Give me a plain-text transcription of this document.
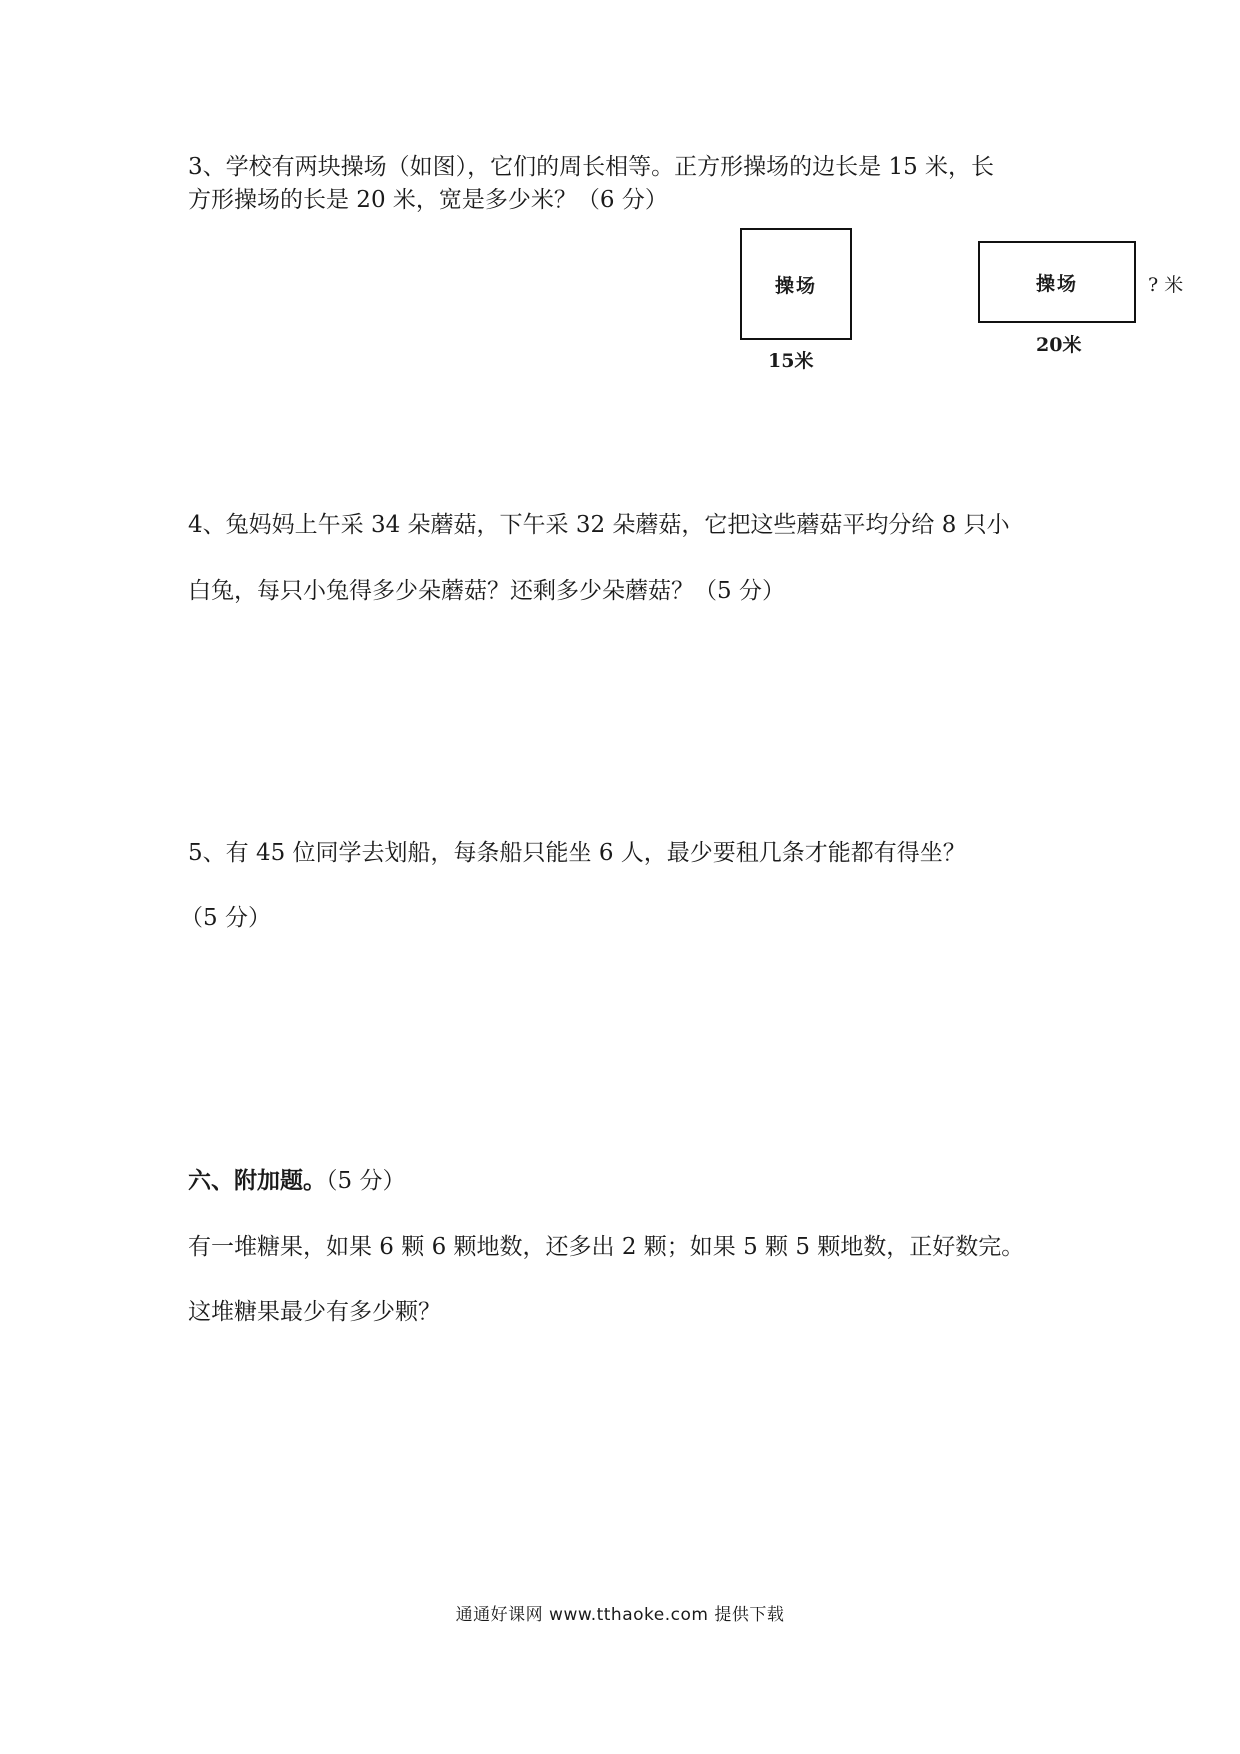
3、学校有两块操场（如图），它们的周长相等。正方形操场的边长是 15 米，长
方形操场的长是 20 米，宽是多少米？（6 分）
操场
15米
操场
20米
? 米
4、兔妈妈上午采 34 朵蘑菇，下午采 32 朵蘑菇，它把这些蘑菇平均分给 8 只小
白兔，每只小兔得多少朵蘑菇？还剩多少朵蘑菇？（5 分）
5、有 45 位同学去划船，每条船只能坐 6 人，最少要租几条才能都有得坐？
（5 分）
六、附加题。（5 分）
有一堆糖果，如果 6 颗 6 颗地数，还多出 2 颗；如果 5 颗 5 颗地数，正好数完。
这堆糖果最少有多少颗？
通通好课网 www.tthaoke.com 提供下载
